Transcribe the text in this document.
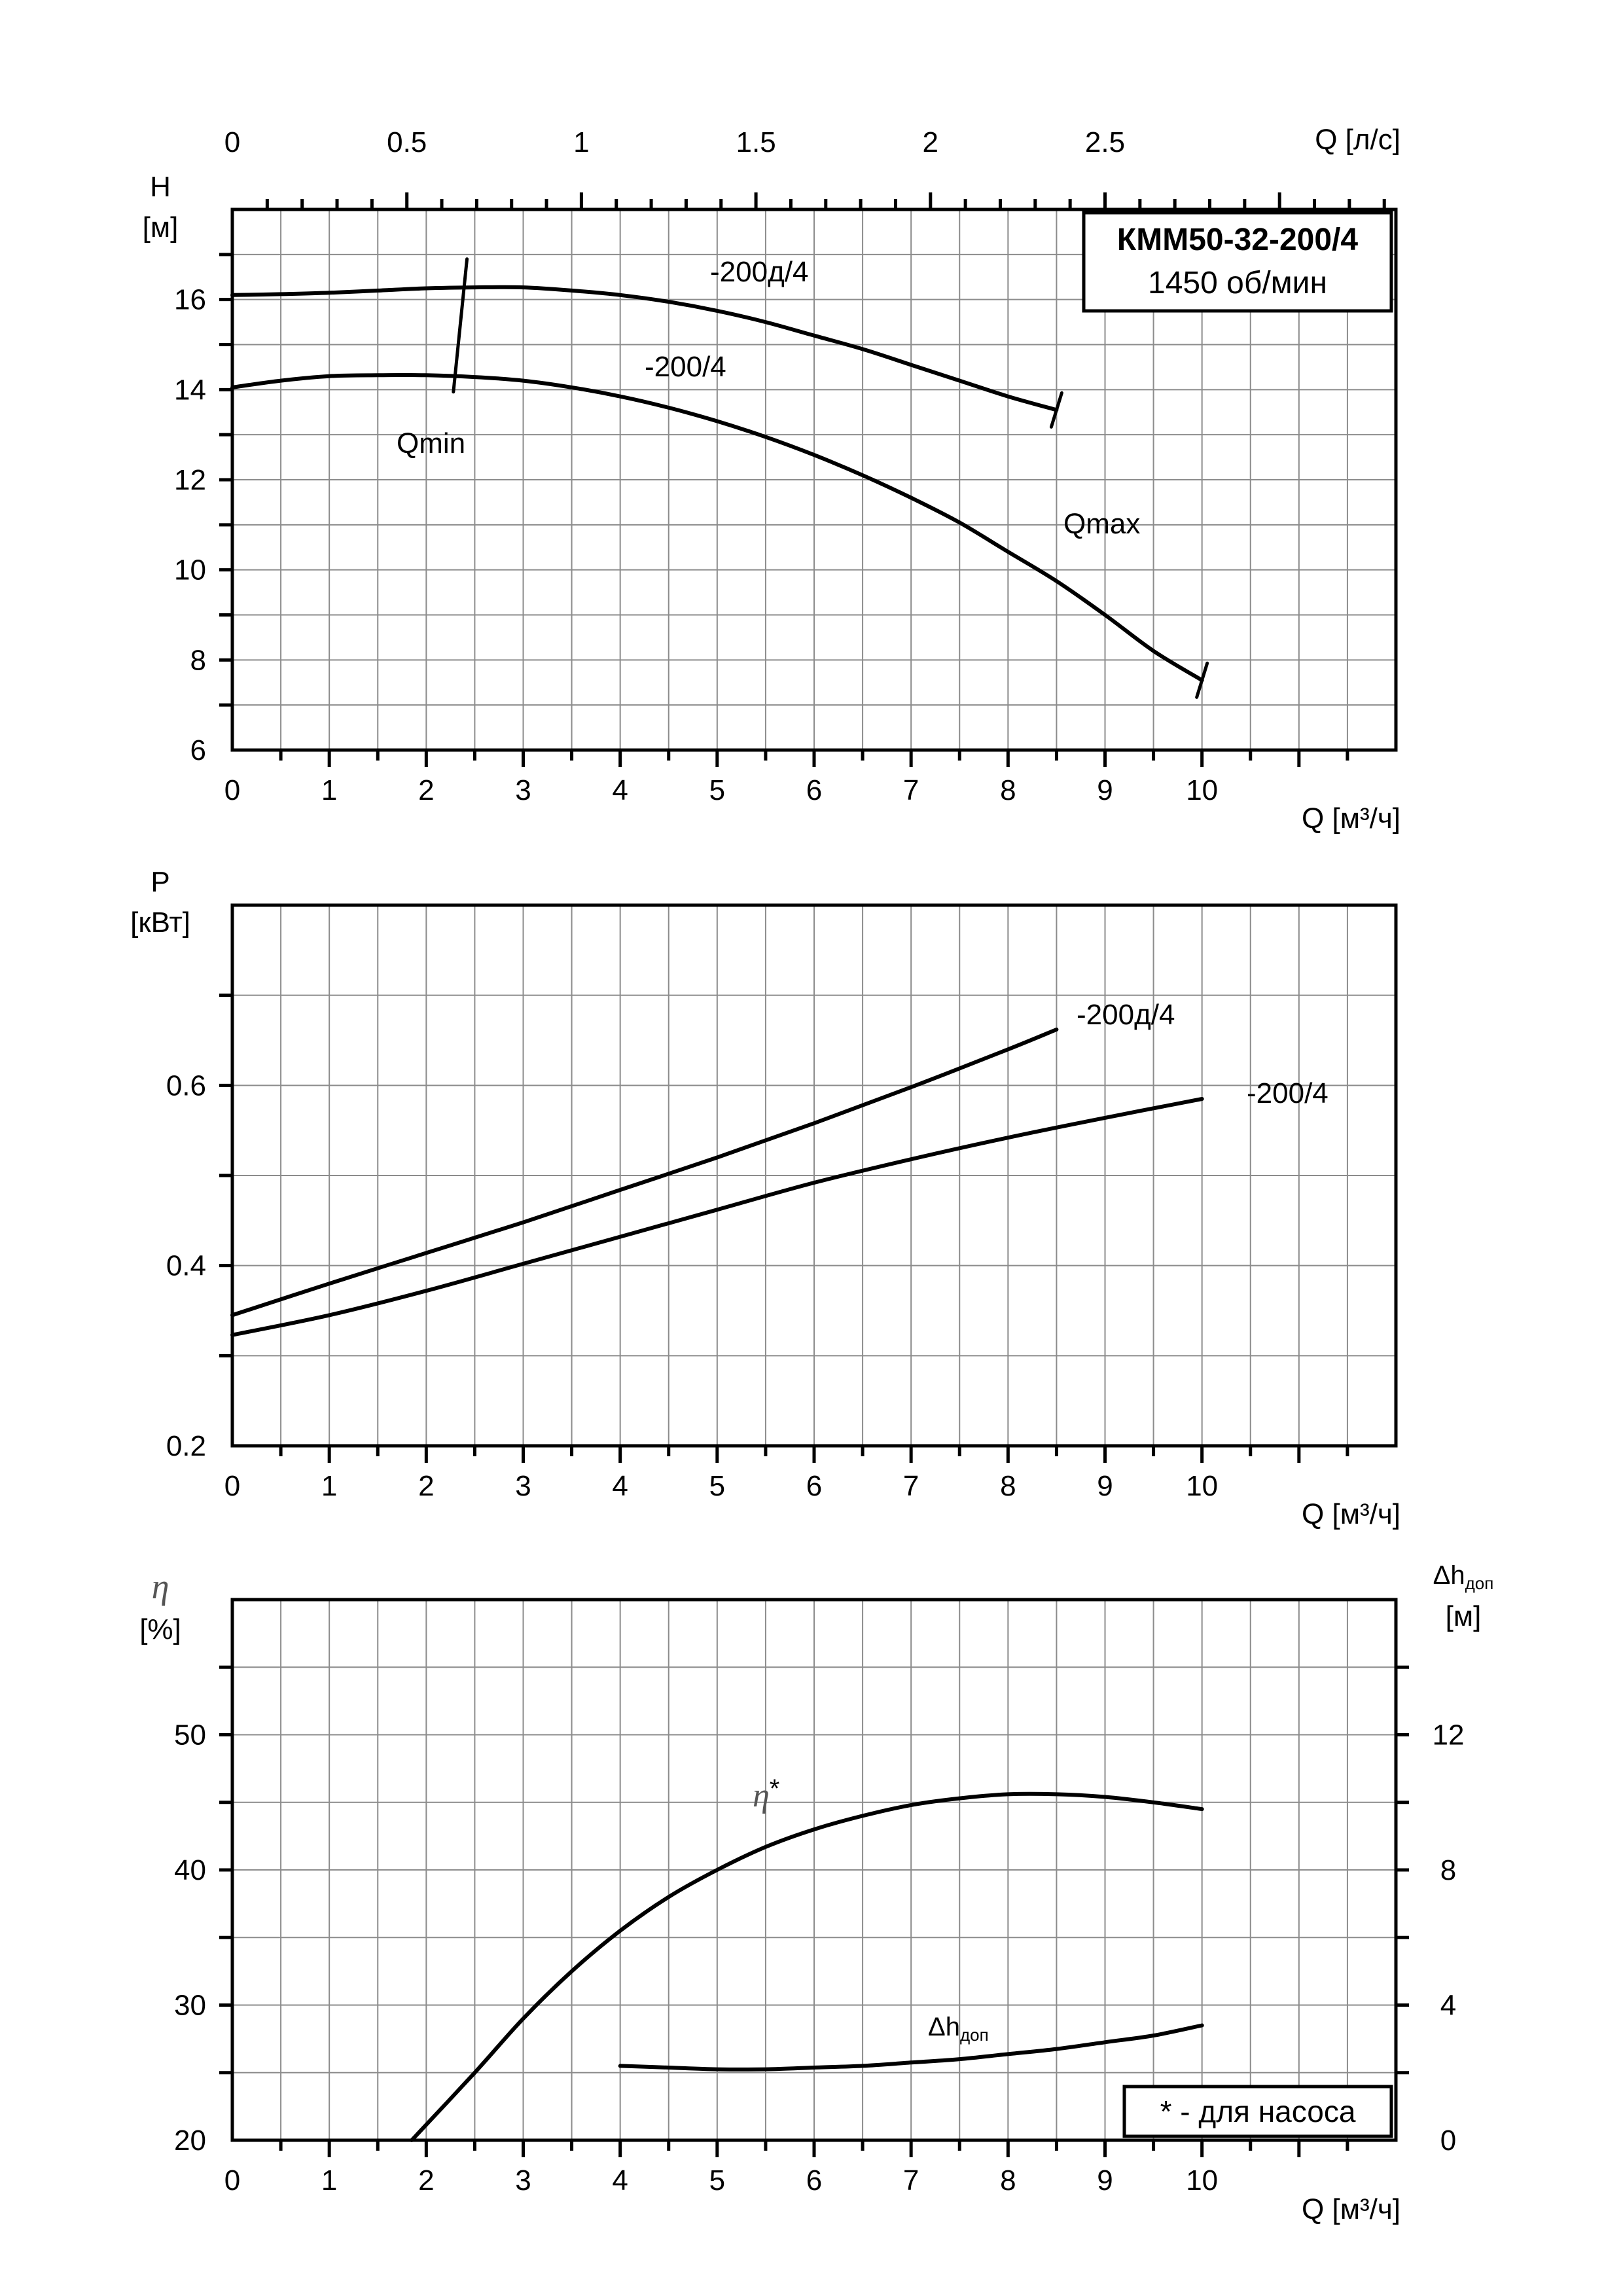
0	1	2	3	4	5	6	7	8	9	10
6
8
10
12
14
16
0	0.5	1	1.5	2	2.5
H
[м]
Q [м³/ч]
Q [л/с]
КММ50-32-200/4
1450 об/мин
-200д/4
-200/4
Qmin
Qmax
0	1	2	3	4	5	6	7	8	9	10
0.2
0.4
0.6
P
[кВт]
Q [м³/ч]
-200д/4
-200/4
0	1	2	3	4	5	6	7	8	9	10
20
30
40
50
0
4
8
12
η
[%]
$\Delta h_{доп}$
[м]
Q [м³/ч]
η*
$\Delta h_{доп}$
* - для насоса
